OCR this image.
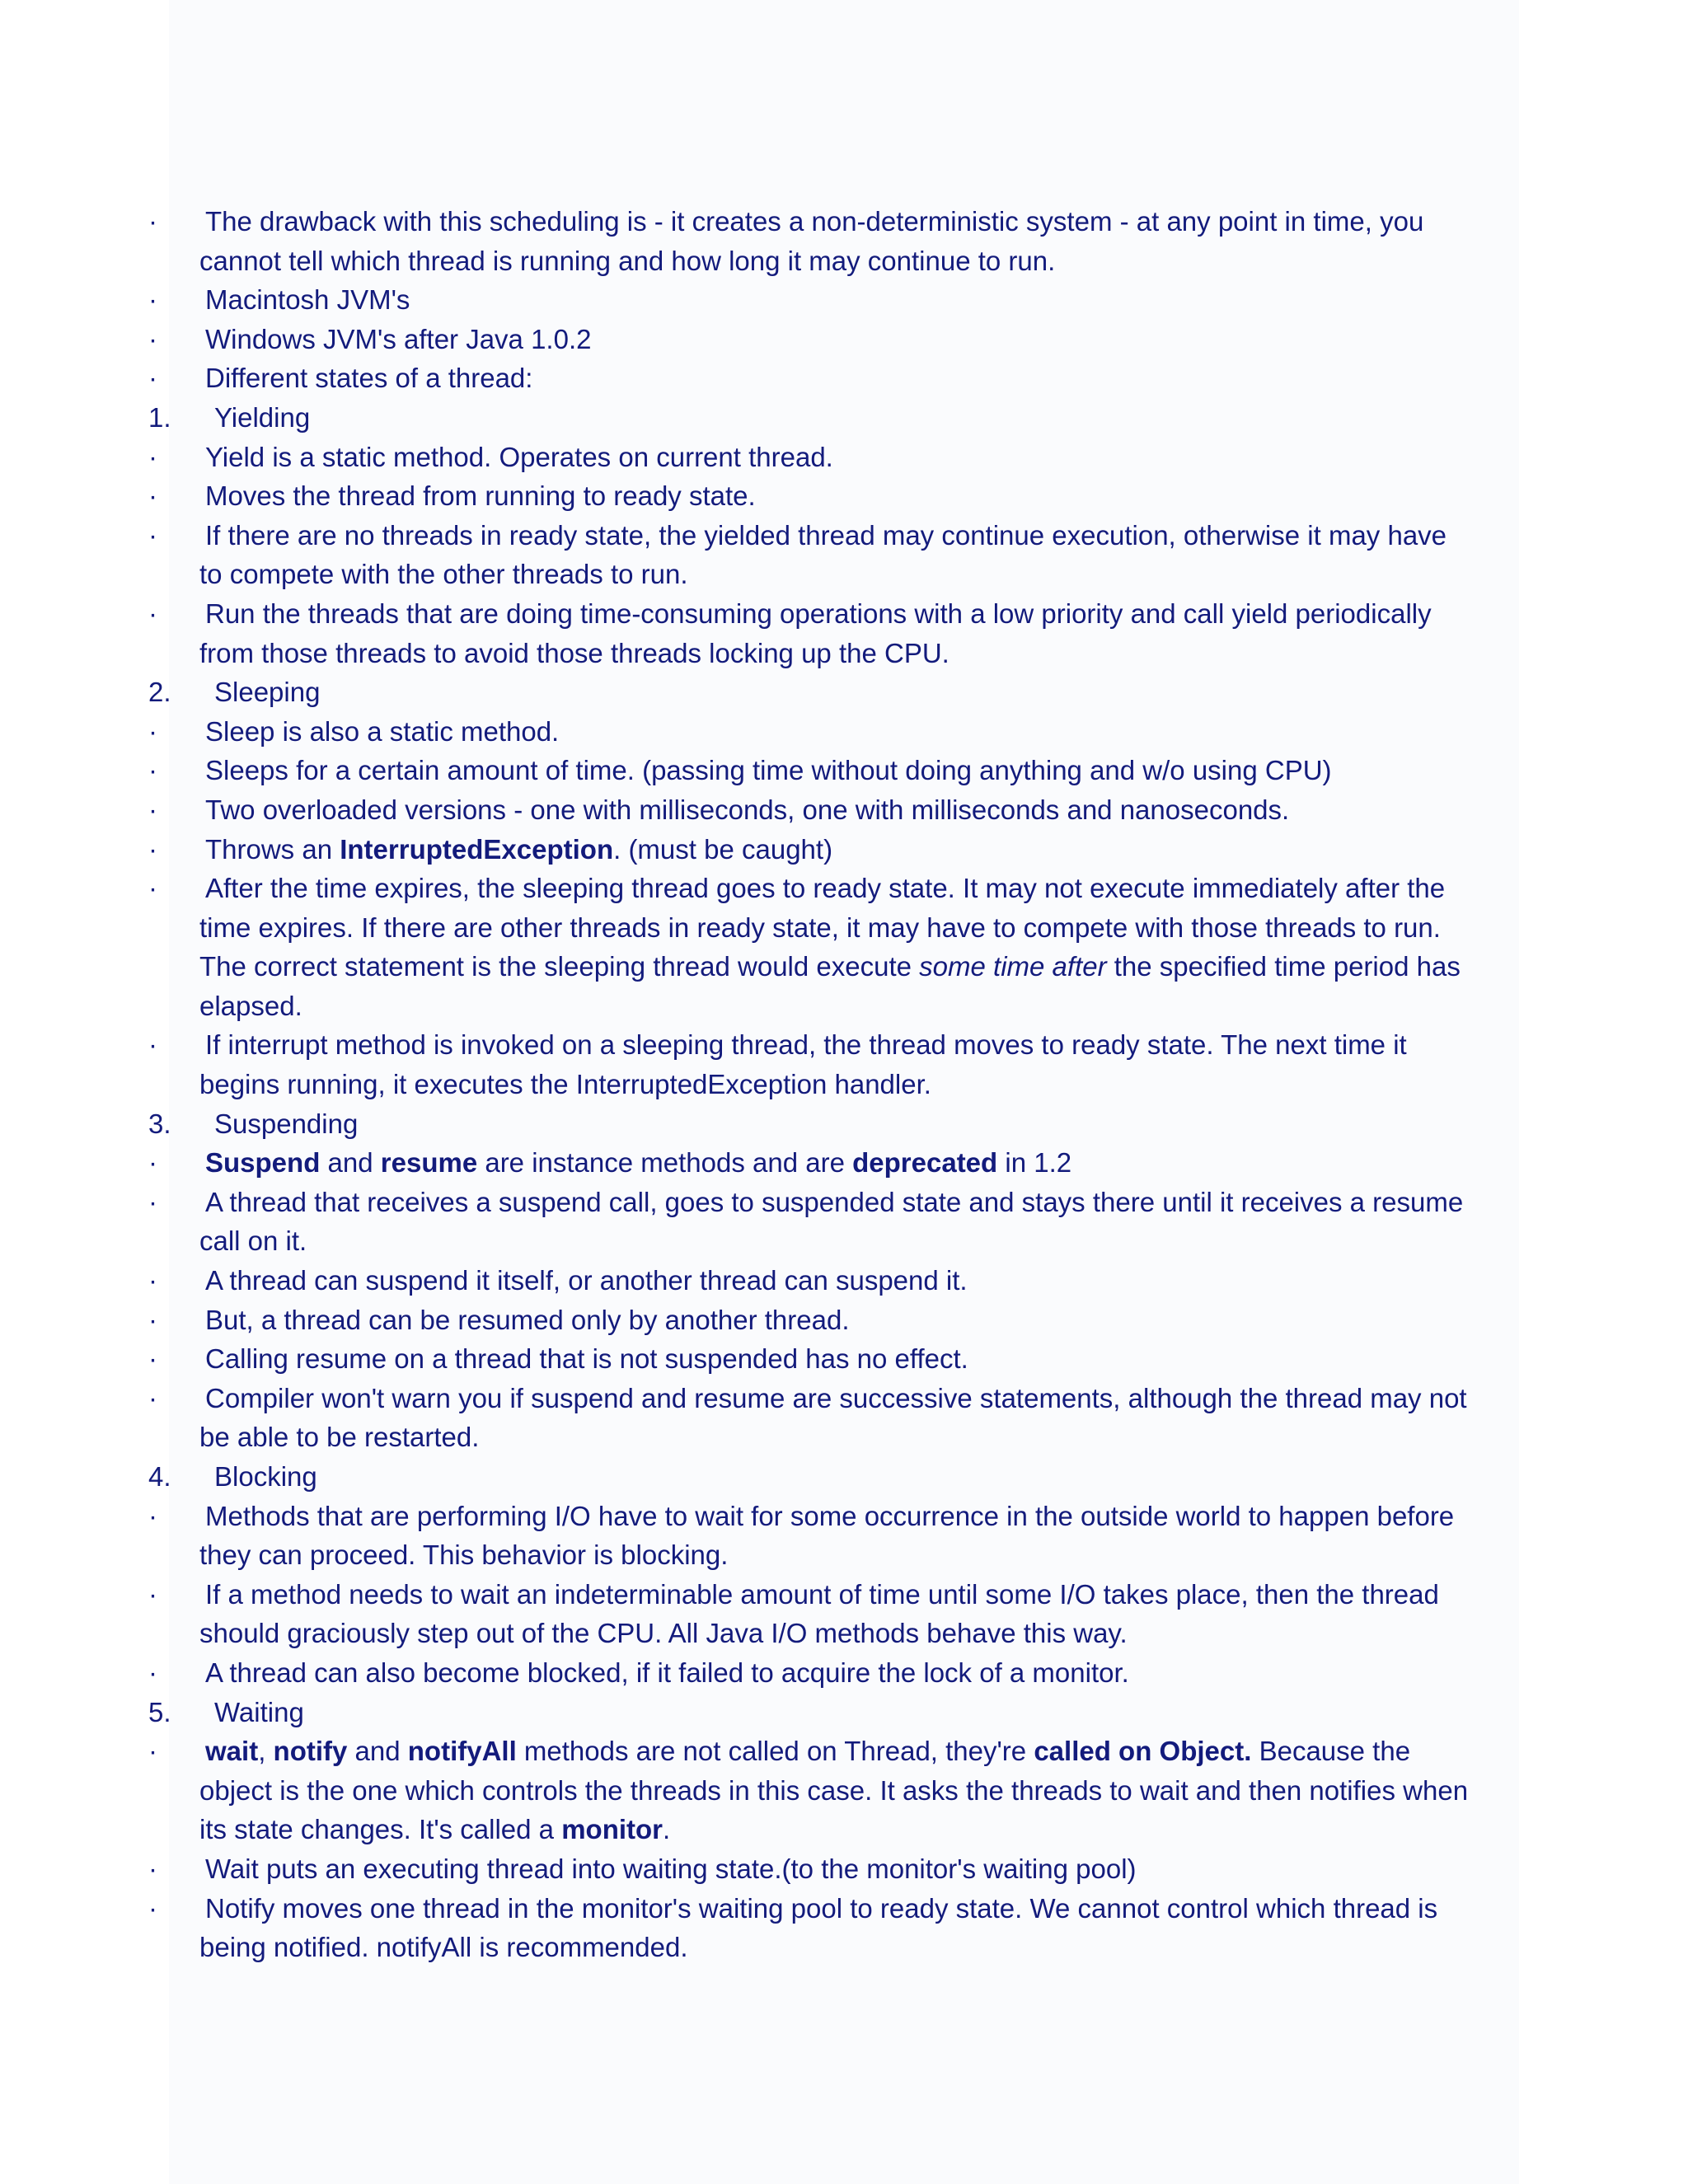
· The drawback with this scheduling is - it creates a non-deterministic system - at any point in time, you
cannot tell which thread is running and how long it may continue to run.
· Macintosh JVM's
· Windows JVM's after Java 1.0.2
· Different states of a thread:
1. Yielding
· Yield is a static method. Operates on current thread.
· Moves the thread from running to ready state.
· If there are no threads in ready state, the yielded thread may continue execution, otherwise it may have
to compete with the other threads to run.
· Run the threads that are doing time-consuming operations with a low priority and call yield periodically
from those threads to avoid those threads locking up the CPU.
2. Sleeping
· Sleep is also a static method.
· Sleeps for a certain amount of time. (passing time without doing anything and w/o using CPU)
· Two overloaded versions - one with milliseconds, one with milliseconds and nanoseconds.
· Throws an InterruptedException. (must be caught)
· After the time expires, the sleeping thread goes to ready state. It may not execute immediately after the
time expires. If there are other threads in ready state, it may have to compete with those threads to run.
The correct statement is the sleeping thread would execute some time after the specified time period has
elapsed.
· If interrupt method is invoked on a sleeping thread, the thread moves to ready state. The next time it
begins running, it executes the InterruptedException handler.
3. Suspending
· Suspend and resume are instance methods and are deprecated in 1.2
· A thread that receives a suspend call, goes to suspended state and stays there until it receives a resume
call on it.
· A thread can suspend it itself, or another thread can suspend it.
· But, a thread can be resumed only by another thread.
· Calling resume on a thread that is not suspended has no effect.
· Compiler won't warn you if suspend and resume are successive statements, although the thread may not
be able to be restarted.
4. Blocking
· Methods that are performing I/O have to wait for some occurrence in the outside world to happen before
they can proceed. This behavior is blocking.
· If a method needs to wait an indeterminable amount of time until some I/O takes place, then the thread
should graciously step out of the CPU. All Java I/O methods behave this way.
· A thread can also become blocked, if it failed to acquire the lock of a monitor.
5. Waiting
· wait, notify and notifyAll methods are not called on Thread, they're called on Object. Because the
object is the one which controls the threads in this case. It asks the threads to wait and then notifies when
its state changes. It's called a monitor.
· Wait puts an executing thread into waiting state.(to the monitor's waiting pool)
· Notify moves one thread in the monitor's waiting pool to ready state. We cannot control which thread is
being notified. notifyAll is recommended.
